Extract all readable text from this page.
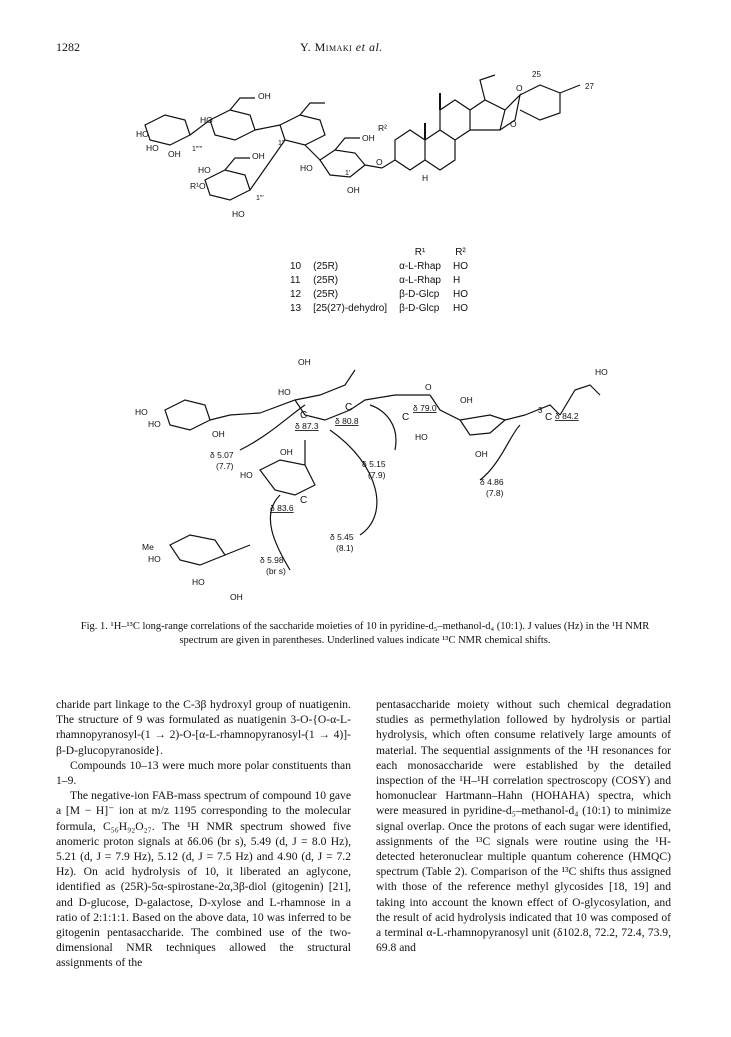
1282	Y. Mimaki et al.
HO
HO
OH
HO
OH
HO
OH
R¹O
HO
1""'
1"
1"'
OH
HO
OH
1'
O
R²
H
25
27
O
O
		R¹	R²
10	(25R)	α-L-Rhap	HO
11	(25R)	α-L-Rhap	H
12	(25R)	β-D-Glcp	HO
13	[25(27)-dehydro]	β-D-Glcp	HO
C
C
C	C
3
C
δ 87.3 δ 80.8
δ 79.0
δ 84.2
δ 83.6
δ 5.07
(7.7)	δ 5.15
(7.9)
δ 4.86
(7.8)
δ 5.45
(8.1)
δ 5.98
(br s)
HO
HO
OH
OH
HO	O
OH
HO
OH
HO
HO
OH
Me
HO
HO
OH
Fig. 1. ¹H–¹³C long-range correlations of the saccharide moieties of 10 in pyridine-d₅–methanol-d₄ (10:1). J values (Hz) in the ¹H NMR spectrum are given in parentheses. Underlined values indicate ¹³C NMR chemical shifts.

charide part linkage to the C-3β hydroxyl group of nuatigenin. The structure of 9 was formulated as nuatigenin 3-O-{O-α-L-rhamnopyranosyl-(1 → 2)-O-[α-L-rhamnopyranosyl-(1 → 4)]-β-D-glucopyranoside}.

Compounds 10–13 were much more polar constituents than 1–9.

The negative-ion FAB-mass spectrum of compound 10 gave a [M − H]⁻ ion at m/z 1195 corresponding to the molecular formula, C₅₆H₉₂O₂₇. The ¹H NMR spectrum showed five anomeric proton signals at δ6.06 (br s), 5.49 (d, J = 8.0 Hz), 5.21 (d, J = 7.9 Hz), 5.12 (d, J = 7.5 Hz) and 4.90 (d, J = 7.2 Hz). On acid hydrolysis of 10, it liberated an aglycone, identified as (25R)-5α-spirostane-2α,3β-diol (gitogenin) [21], and D-glucose, D-galactose, D-xylose and L-rhamnose in a ratio of 2:1:1:1. Based on the above data, 10 was inferred to be gitogenin pentasaccharide. The combined use of the two-dimensional NMR techniques allowed the structural assignments of the

pentasaccharide moiety without such chemical degradation studies as permethylation followed by hydrolysis or partial hydrolysis, which often consume relatively large amounts of material. The sequential assignments of the ¹H resonances for each monosaccharide were established by the detailed inspection of the ¹H–¹H correlation spectroscopy (COSY) and homonuclear Hartmann–Hahn (HOHAHA) spectra, which were measured in pyridine-d₅–methanol-d₄ (10:1) to minimize signal overlap. Once the protons of each sugar were identified, assignments of the ¹³C signals were routine using the ¹H-detected heteronuclear multiple quantum coherence (HMQC) spectrum (Table 2). Comparison of the ¹³C shifts thus assigned with those of the reference methyl glycosides [18, 19] and taking into account the known effect of O-glycosylation, and the result of acid hydrolysis indicated that 10 was composed of a terminal α-L-rhamnopyranosyl unit (δ102.8, 72.2, 72.4, 73.9, 69.8 and
